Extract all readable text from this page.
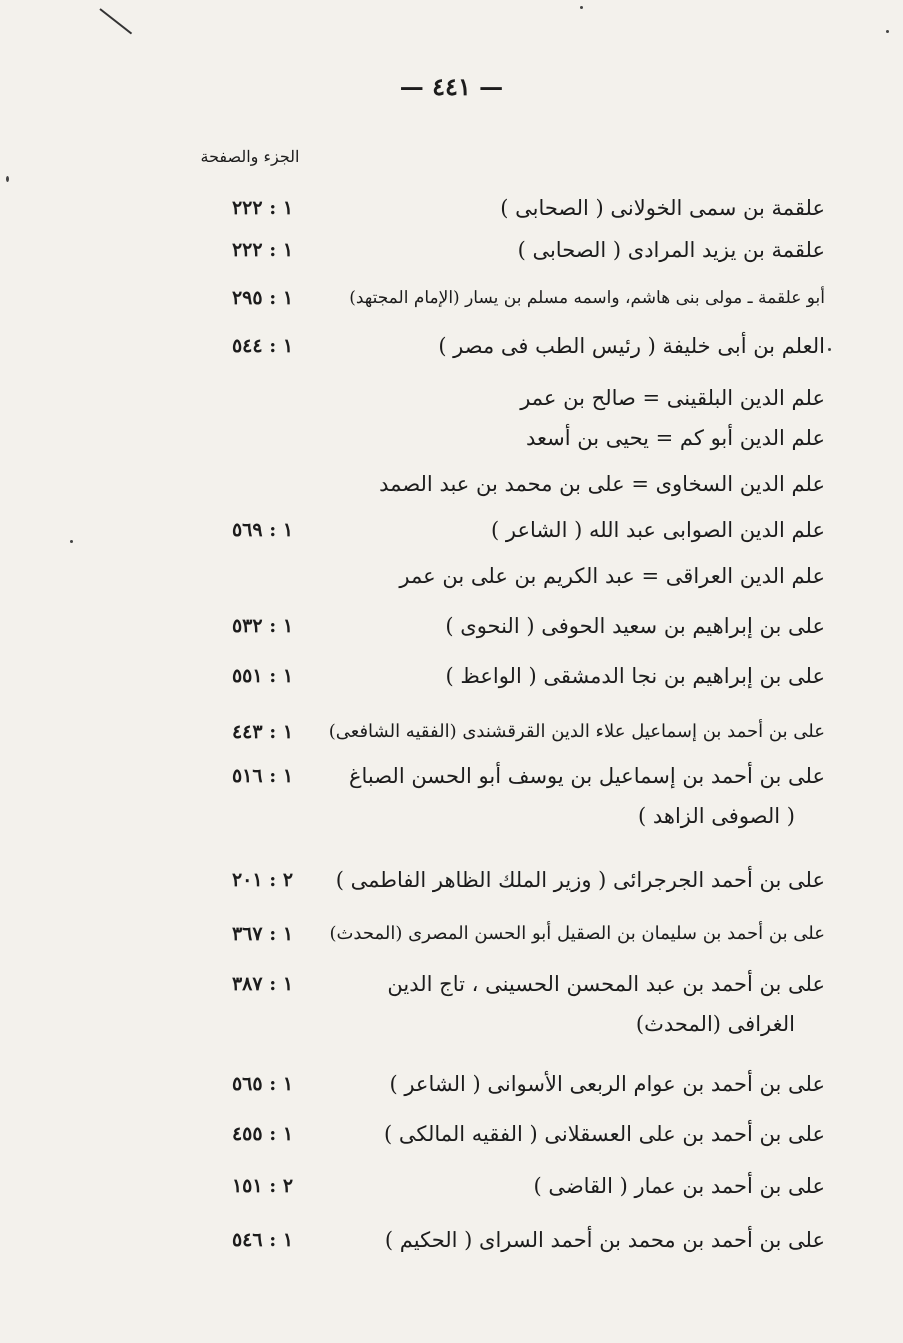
— ٤٤١ —
الجزء والصفحة
علقمة بن سمى الخولانى ( الصحابى )
١ : ٢٢٢
علقمة بن يزيد المرادى ( الصحابى )
١ : ٢٢٢
أبو علقمة ـ مولى بنى هاشم، واسمه مسلم بن يسار (الإمام المجتهد)
١ : ٢٩٥
العلم بن أبى خليفة ( رئيس الطب فى مصر )
١ : ٥٤٤
علم الدين البلقينى = صالح بن عمر
علم الدين أبو كم = يحيى بن أسعد
علم الدين السخاوى = على بن محمد بن عبد الصمد
علم الدين الصوابى عبد الله ( الشاعر )
١ : ٥٦٩
علم الدين العراقى = عبد الكريم بن على بن عمر
على بن إبراهيم بن سعيد الحوفى ( النحوى )
١ : ٥٣٢
على بن إبراهيم بن نجا الدمشقى ( الواعظ )
١ : ٥٥١
على بن أحمد بن إسماعيل علاء الدين القرقشندى (الفقيه الشافعى)
١ : ٤٤٣
على بن أحمد بن إسماعيل بن يوسف أبو الحسن الصباغ
( الصوفى الزاهد )
١ : ٥١٦
على بن أحمد الجرجرائى ( وزير الملك الظاهر الفاطمى )
٢ : ٢٠١
على بن أحمد بن سليمان بن الصقيل أبو الحسن المصرى (المحدث)
١ : ٣٦٧
على بن أحمد بن عبد المحسن الحسينى ، تاج الدين
الغرافى (المحدث)
١ : ٣٨٧
على بن أحمد بن عوام الربعى الأسوانى ( الشاعر )
١ : ٥٦٥
على بن أحمد بن على العسقلانى ( الفقيه المالكى )
١ : ٤٥٥
على بن أحمد بن عمار ( القاضى )
٢ : ١٥١
على بن أحمد بن محمد بن أحمد السراى ( الحكيم )
١ : ٥٤٦
